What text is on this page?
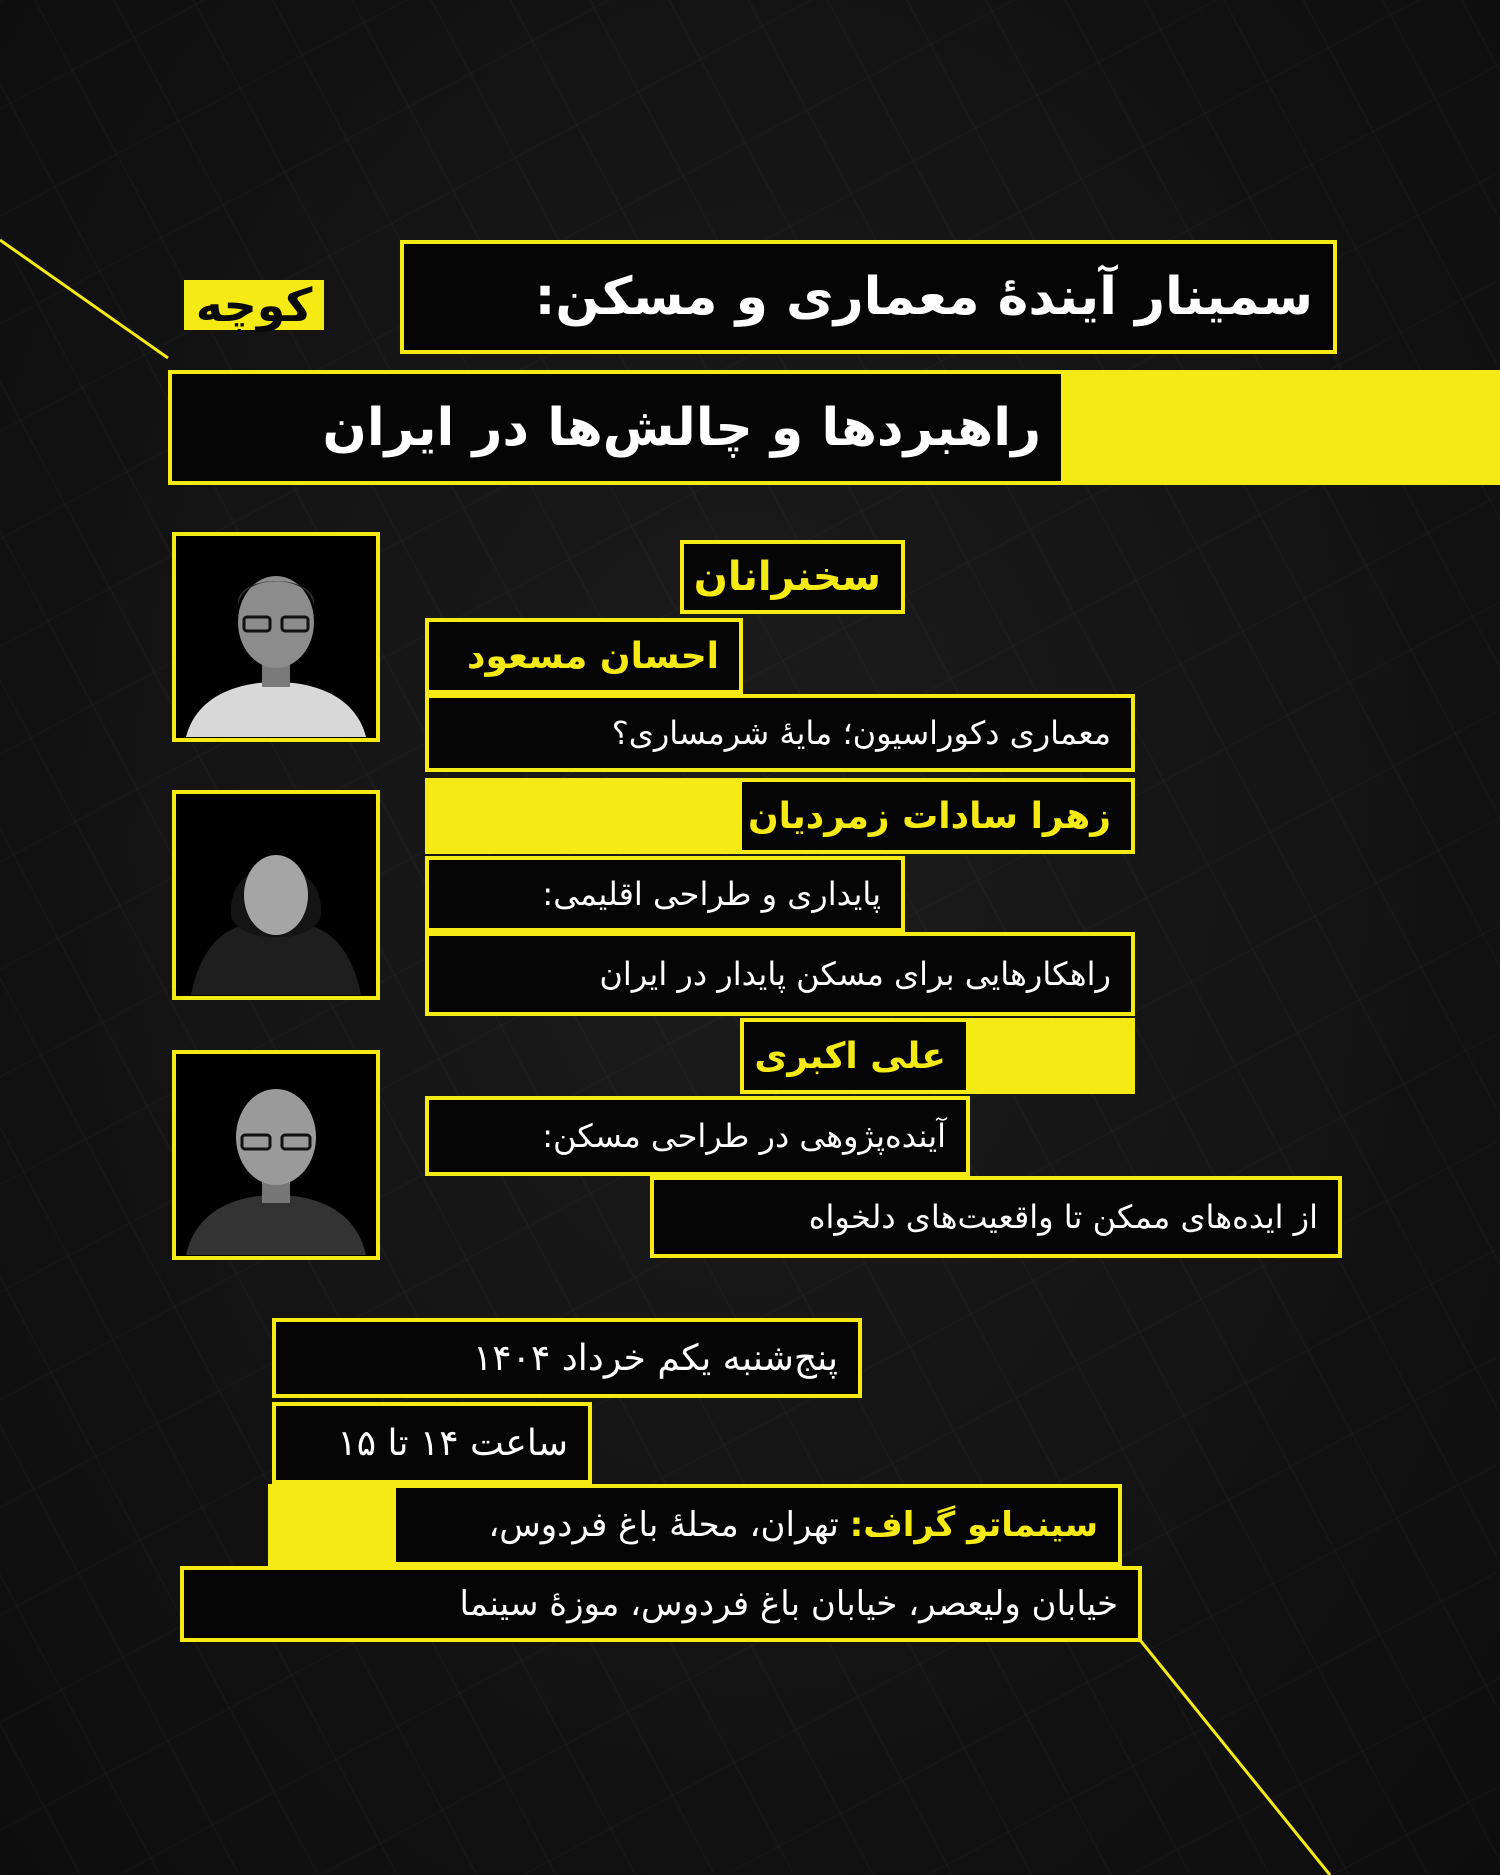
سمینار آیندهٔ معماری و مسکن:
کوچه
راهبردها و چالش‌ها در ایران
سخنرانان
احسان مسعود
معماری دکوراسیون؛ مایهٔ شرمساری؟
زهرا سادات زمردیان
پایداری و طراحی اقلیمی:
راهکارهایی برای مسکن پایدار در ایران
علی اکبری
آینده‌پژوهی در طراحی مسکن:
از ایده‌های ممکن تا واقعیت‌های دلخواه
پنج‌شنبه یکم خرداد ۱۴۰۴
ساعت ۱۴ تا ۱۵
سینماتو گراف: تهران، محلهٔ باغ فردوس،
خیابان ولیعصر، خیابان باغ فردوس، موزهٔ سینما
